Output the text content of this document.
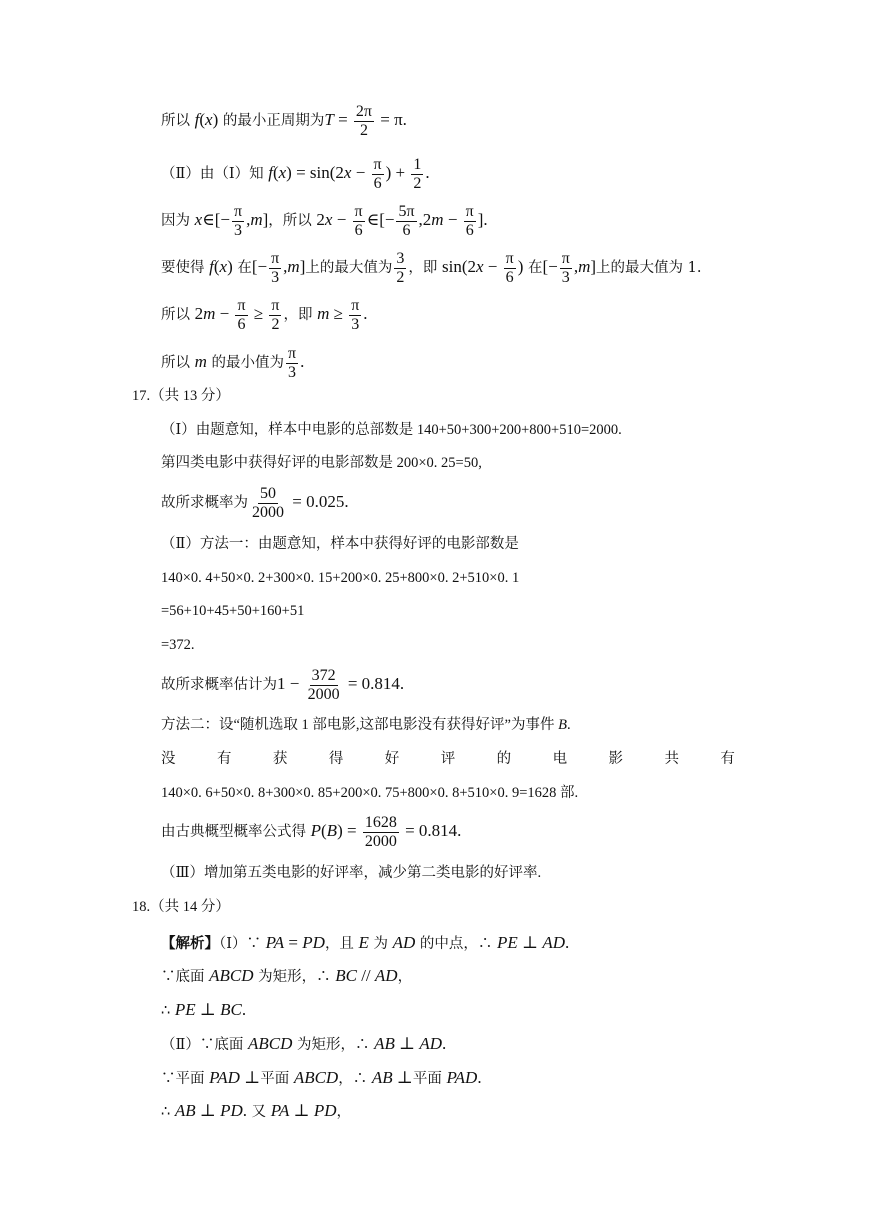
所以 f(x) 的最小正周期为$T = \frac{2\pi}{2} = \pi$.
（Ⅱ）由（Ⅰ）知 $f(x) = \sin(2x - \frac{\pi}{6}$ ) + $\frac{1}{2}$ .
因为 x∈[− $\frac{\pi}{3} ,m$]，所以 $2x - \frac{\pi}{6}$ ∈[− $\frac{5\pi}{6} ,2m - \frac{\pi}{6}$ ].
要使得 f(x) 在[− $\frac{\pi}{3} ,m$]上的最大值为 $\frac{3}{2}$ ，即 $\sin(2x - \frac{\pi}{6}$ ) 在[− $\frac{\pi}{3} ,m$]上的最大值为 1.
所以 $2m - \frac{\pi}{6} \ge \frac{\pi}{2}$ ，即 $m \ge \frac{\pi}{3}$ .
所以 m 的最小值为 $\frac{\pi}{3}$ .
17.（共 13 分）
（Ⅰ）由题意知，样本中电影的总部数是 140+50+300+200+800+510=2000.
第四类电影中获得好评的电影部数是 200×0. 25=50,
故所求概率为 $\frac{50}{2000} = 0.025$.
（Ⅱ）方法一：由题意知，样本中获得好评的电影部数是
140×0. 4+50×0. 2+300×0. 15+200×0. 25+800×0. 2+510×0. 1
=56+10+45+50+160+51
=372.
故所求概率估计为$1 - \frac{372}{2000} = 0.814$.
方法二：设“随机选取 1 部电影,这部电影没有获得好评”为事件 B.
没	有	获	得	好	评	的	电	影	共	有
140×0. 6+50×0. 8+300×0. 85+200×0. 75+800×0. 8+510×0. 9=1628 部.
由古典概型概率公式得 $P(B) = \frac{1628}{2000} = 0.814$.
（Ⅲ）增加第五类电影的好评率，减少第二类电影的好评率.
18.（共 14 分）
【解析】（Ⅰ）∵ PA = PD，且 E 为 AD 的中点，∴ PE ⊥ AD.
∵底面 ABCD 为矩形，∴ BC // AD，
∴ PE ⊥ BC.
（Ⅱ）∵底面 ABCD 为矩形，∴ AB ⊥ AD.
∵平面 PAD ⊥平面 ABCD，∴ AB ⊥平面 PAD.
∴ AB ⊥ PD. 又 PA ⊥ PD，
